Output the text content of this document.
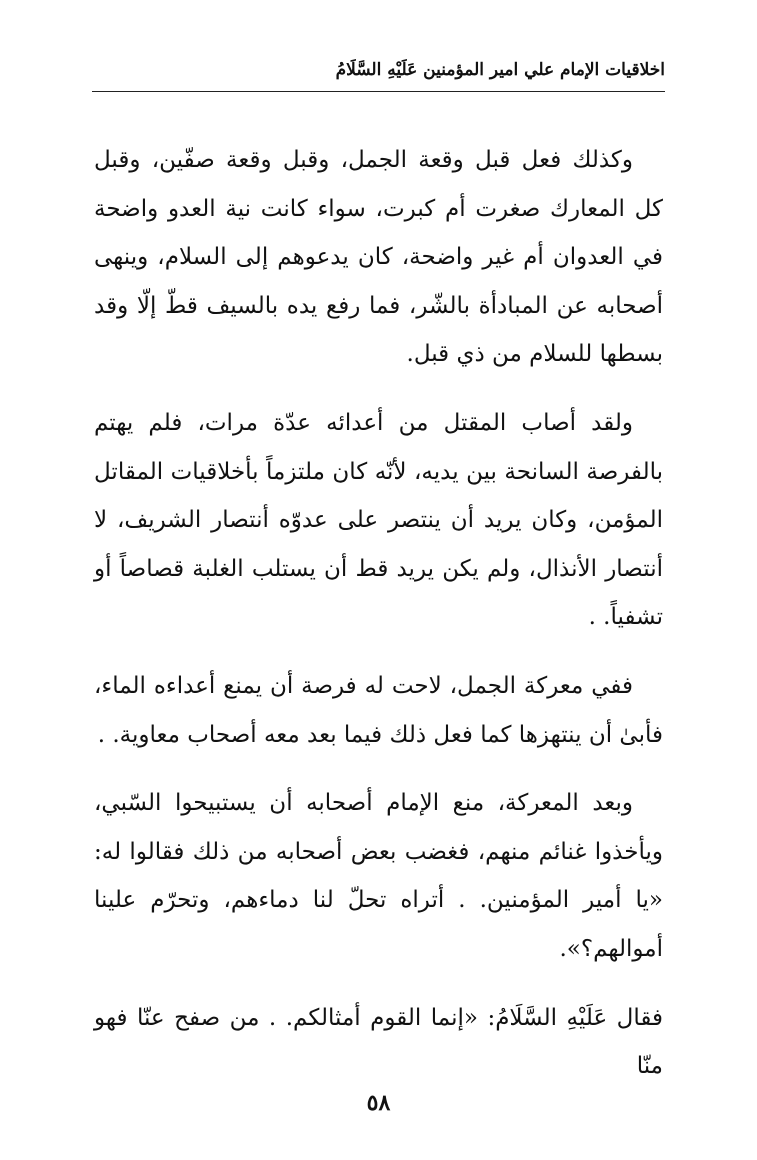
اخلاقيات الإمام علي امير المؤمنين عَلَيْهِ السَّلَامُ

وكذلك فعل قبل وقعة الجمل، وقبل وقعة صفّين، وقبل كل المعارك صغرت أم كبرت، سواء كانت نية العدو واضحة في العدوان أم غير واضحة، كان يدعوهم إلى السلام، وينهى أصحابه عن المبادأة بالشّر، فما رفع يده بالسيف قطّ إلّا وقد بسطها للسلام من ذي قبل.

ولقد أصاب المقتل من أعدائه عدّة مرات، فلم يهتم بالفرصة السانحة بين يديه، لأنّه كان ملتزماً بأخلاقيات المقاتل المؤمن، وكان يريد أن ينتصر على عدوّه أنتصار الشريف، لا أنتصار الأنذال، ولم يكن يريد قط أن يستلب الغلبة قصاصاً أو تشفياً. .

ففي معركة الجمل، لاحت له فرصة أن يمنع أعداءه الماء، فأبىٰ أن ينتهزها كما فعل ذلك فيما بعد معه أصحاب معاوية. .

وبعد المعركة، منع الإمام أصحابه أن يستبيحوا السّبي، ويأخذوا غنائم منهم، فغضب بعض أصحابه من ذلك فقالوا له: «يا أمير المؤمنين. . أتراه تحلّ لنا دماءهم، وتحرّم علينا أموالهم؟».

فقال عَلَيْهِ السَّلَامُ: «إنما القوم أمثالكم. . من صفح عنّا فهو منّا

٥٨
